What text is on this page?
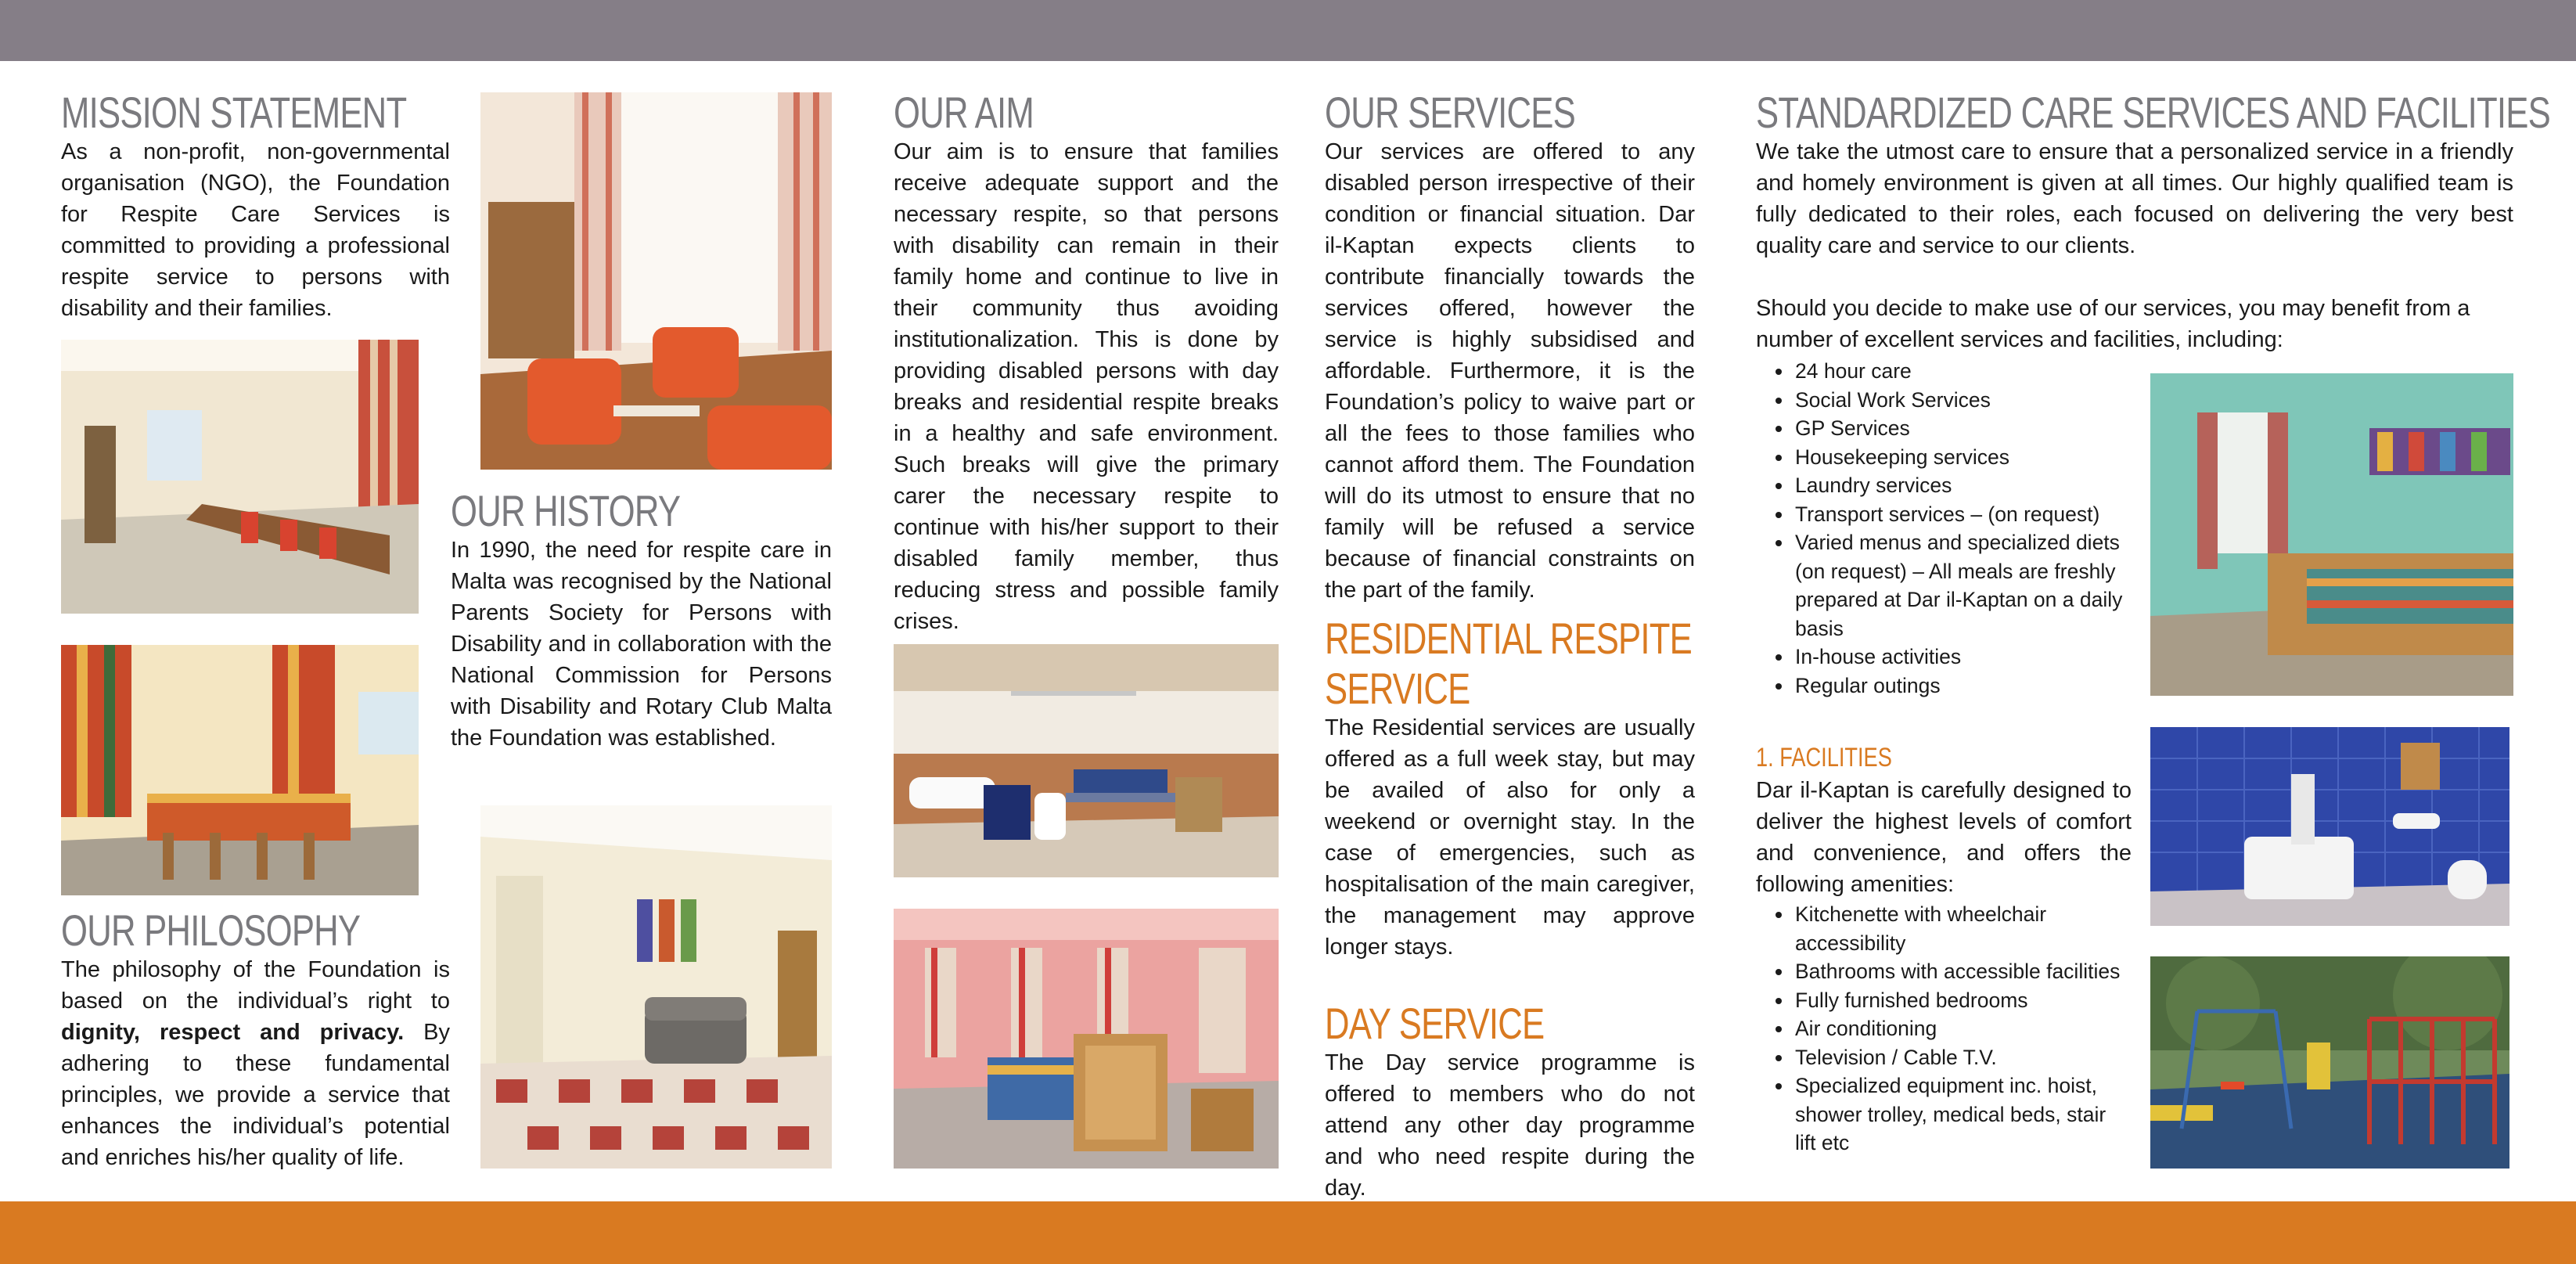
MISSION STATEMENT

As a non-profit, non-governmental organisation (NGO), the Foundation for Respite Care Services is committed to providing a professional respite service to persons with disability and their families.

OUR PHILOSOPHY

The philosophy of the Foundation is based on the individual’s right to dignity, respect and privacy. By adhering to these fundamental principles, we provide a service that enhances the individual’s potential and enriches his/her quality of life.

OUR HISTORY

In 1990, the need for respite care in Malta was recognised by the National Parents Society for Persons with Disability and in collaboration with the National Commission for Persons with Disability and Rotary Club Malta the Foundation was established.

OUR AIM

Our aim is to ensure that families receive adequate support and the necessary respite, so that persons with disability can remain in their family home and continue to live in their community thus avoiding institutionalization. This is done by providing disabled persons with day breaks and residential respite breaks in a healthy and safe environment. Such breaks will give the primary carer the necessary respite to continue with his/her support to their disabled family member, thus reducing stress and possible family crises.

OUR SERVICES

Our services are offered to any disabled person irrespective of their condition or financial situation. Dar il-Kaptan expects clients to contribute financially towards the services offered, however the service is highly subsidised and affordable. Furthermore, it is the Foundation’s policy to waive part or all the fees to those families who cannot afford them. The Foundation will do its utmost to ensure that no family will be refused a service because of financial constraints on the part of the family.

RESIDENTIAL RESPITE
SERVICE

The Residential services are usually offered as a full week stay, but may be availed of also for only a weekend or overnight stay. In the case of emergencies, such as hospitalisation of the main caregiver, the management may approve longer stays.

DAY SERVICE

The Day service programme is offered to members who do not attend any other day programme and who need respite during the day.

STANDARDIZED CARE SERVICES AND FACILITIES

We take the utmost care to ensure that a personalized service in a friendly and homely environment is given at all times. Our highly qualified team is fully dedicated to their roles, each focused on delivering the very best quality care and service to our clients.

Should you decide to make use of our services, you may benefit from a number of excellent services and facilities, including:

• 24 hour care
• Social Work Services
• GP Services
• Housekeeping services
• Laundry services
• Transport services – (on request)
• Varied menus and specialized diets (on request) – All meals are freshly prepared at Dar il-Kaptan on a daily basis
• In-house activities
• Regular outings
1. FACILITIES

Dar il-Kaptan is carefully designed to deliver the highest levels of comfort and convenience, and offers the following amenities:

• Kitchenette with wheelchair accessibility
• Bathrooms with accessible facilities
• Fully furnished bedrooms
• Air conditioning
• Television / Cable T.V.
• Specialized equipment inc. hoist, shower trolley, medical beds, stair lift etc
